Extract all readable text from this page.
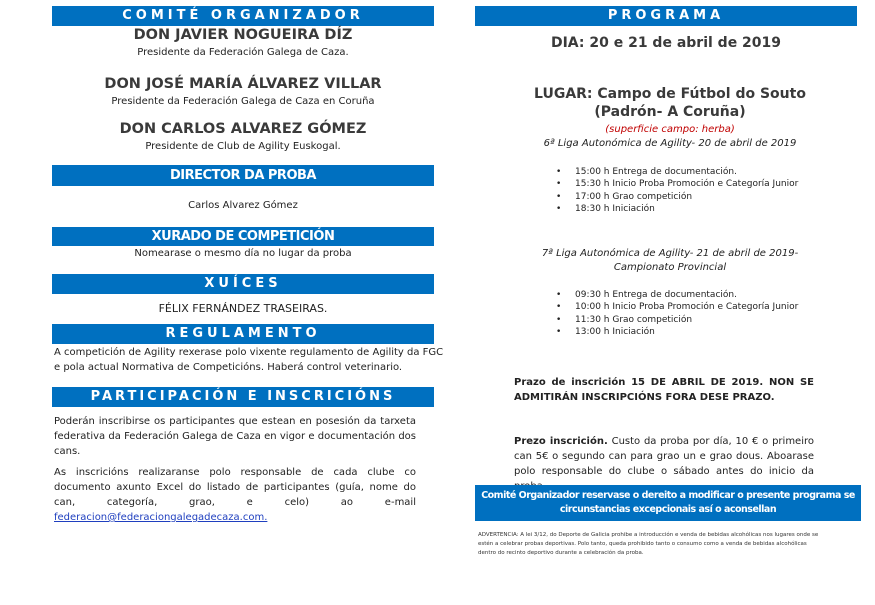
COMITÉ ORGANIZADOR
DON JAVIER NOGUEIRA DÍZ
Presidente da Federación Galega de Caza.
DON JOSÉ MARÍA ÁLVAREZ VILLAR
Presidente da Federación Galega de Caza en Coruña
DON CARLOS ALVAREZ GÓMEZ
Presidente de Club de Agility Euskogal.
DIRECTOR DA PROBA
Carlos Alvarez Gómez
XURADO DE COMPETICIÓN
Nomearase o mesmo día no lugar da proba
XUÍCES
FÉLIX FERNÁNDEZ TRASEIRAS.
REGULAMENTO
A competición de Agility rexerase polo vixente regulamento de Agility da FGC
e pola actual Normativa de Competicións. Haberá control veterinario.
PARTICIPACIÓN E INSCRICIÓNS
Poderán inscribirse os participantes que estean en posesión da tarxeta federativa da Federación Galega de Caza en vigor e documentación dos cans.
As inscricións realizaranse polo responsable de cada clube co documento axunto Excel do listado de participantes (guía, nome do can, categoría, grao, e celo) ao e-mail federacion@federaciongalegadecaza.com.
PROGRAMA
DIA: 20 e 21 de abril de 2019
LUGAR: Campo de Fútbol do Souto
(Padrón- A Coruña)
(superficie campo: herba)
6ª Liga Autonómica de Agility- 20 de abril de 2019
• 15:00 h Entrega de documentación.
• 15:30 h Inicio Proba Promoción e Categoría Junior
• 17:00 h Grao competición
• 18:30 h Iniciación
7ª Liga Autonómica de Agility- 21 de abril de 2019-
Campionato Provincial
• 09:30 h Entrega de documentación.
• 10:00 h Inicio Proba Promoción e Categoría Junior
• 11:30 h Grao competición
• 13:00 h Iniciación
Prazo de inscrición 15 DE ABRIL DE 2019. NON SE
ADMITIRÁN INSCRIPCIÓNS FORA DESE PRAZO.
Prezo inscrición. Custo da proba por día, 10 € o primeiro can 5€ o segundo can para grao un e grao dous. Aboarase polo responsable do clube o sábado antes do inicio da
Comité Organizador reservase o dereito a modificar o presente programa se
circunstancias excepcionais así o aconsellan
ADVERTENCIA: A lei 3/12, do Deporte de Galicia prohibe a introducción e venda de bebidas alcohólicas nos lugares onde se
estén a celebrar probas deportivas. Polo tanto, queda prohibido tanto o consumo como a venda de bebidas alcohólicas
dentro do recinto deportivo durante a celebración da proba.
